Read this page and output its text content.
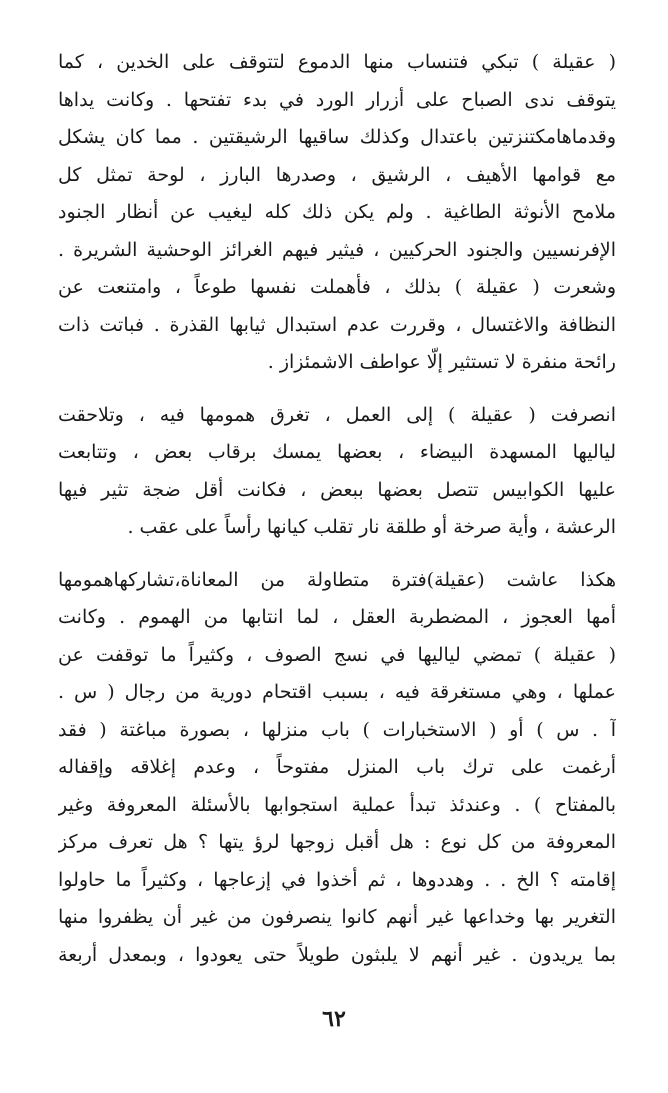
( عقيلة ) تبكي فتنساب منها الدموع لتتوقف على الخدين ، كما
يتوقف ندى الصباح على أزرار الورد في بدء تفتحها . وكانت يداها
وقدماهامكتنزتين باعتدال وكذلك ساقيها الرشيقتين . مما كان يشكل
مع قوامها الأهيف ، الرشيق ، وصدرها البارز ، لوحة تمثل كل
ملامح الأنوثة الطاغية . ولم يكن ذلك كله ليغيب عن أنظار الجنود
الإفرنسيين والجنود الحركيين ، فيثير فيهم الغرائز الوحشية الشريرة .
وشعرت ( عقيلة ) بذلك ، فأهملت نفسها طوعاً ، وامتنعت عن
النظافة والاغتسال ، وقررت عدم استبدال ثيابها القذرة . فباتت ذات
رائحة منفرة لا تستثير إلّا عواطف الاشمئزاز .
انصرفت ( عقيلة ) إلى العمل ، تغرق همومها فيه ، وتلاحقت
لياليها المسهدة البيضاء ، بعضها يمسك برقاب بعض ، وتتابعت
عليها الكوابيس تتصل بعضها ببعض ، فكانت أقل ضجة تثير فيها
الرعشة ، وأية صرخة أو طلقة نار تقلب كيانها رأساً على عقب .
هكذا عاشت (عقيلة)فترة متطاولة من المعاناة،تشاركهاهمومها
أمها العجوز ، المضطربة العقل ، لما انتابها من الهموم . وكانت
( عقيلة ) تمضي لياليها في نسج الصوف ، وكثيراً ما توقفت عن
عملها ، وهي مستغرقة فيه ، بسبب اقتحام دورية من رجال ( س .
آ . س ) أو ( الاستخبارات ) باب منزلها ، بصورة مباغتة ( فقد
أرغمت على ترك باب المنزل مفتوحاً ، وعدم إغلاقه وإقفاله
بالمفتاح ) . وعندئذ تبدأ عملية استجوابها بالأسئلة المعروفة وغير
المعروفة من كل نوع : هل أقبل زوجها لرؤ يتها ؟ هل تعرف مركز
إقامته ؟ الخ . . وهددوها ، ثم أخذوا في إزعاجها ، وكثيراً ما حاولوا
التغرير بها وخداعها غير أنهم كانوا ينصرفون من غير أن يظفروا منها
بما يريدون . غير أنهم لا يلبثون طويلاً حتى يعودوا ، وبمعدل أربعة
٦٢
